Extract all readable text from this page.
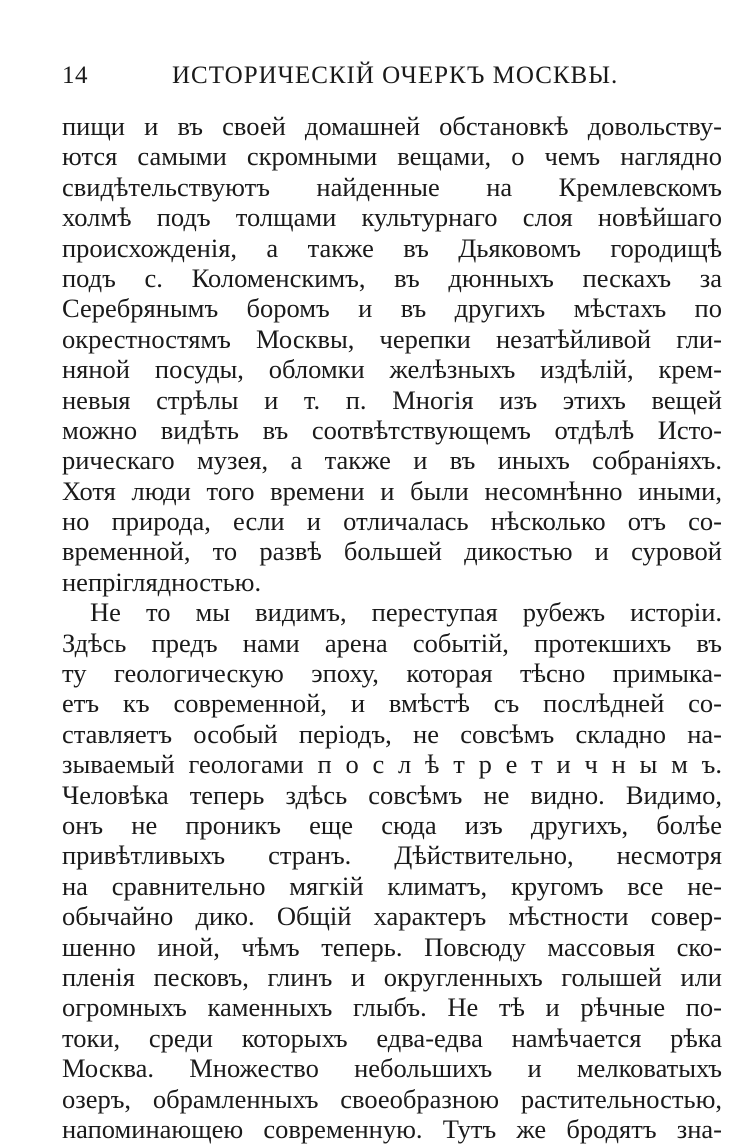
14	ИСТОРИЧЕСКІЙ ОЧЕРКЪ МОСКВЫ.
пищи и въ своей домашней обстановкѣ довольству-
ются самыми скромными вещами, о чемъ наглядно
свидѣтельствуютъ найденные на Кремлевскомъ
холмѣ подъ толщами культурнаго слоя новѣйшаго
происхожденія, а также въ Дьяковомъ городищѣ
подъ с. Коломенскимъ, въ дюнныхъ пескахъ за
Серебрянымъ боромъ и въ другихъ мѣстахъ по
окрестностямъ Москвы, черепки незатѣйливой гли-
няной посуды, обломки желѣзныхъ издѣлій, крем-
невыя стрѣлы и т. п. Многія изъ этихъ вещей
можно видѣть въ соотвѣтствующемъ отдѣлѣ Исто-
рическаго музея, а также и въ иныхъ собраніяхъ.
Хотя люди того времени и были несомнѣнно иными,
но природа, если и отличалась нѣсколько отъ со-
временной, то развѣ большей дикостью и суровой
непріглядностью.
Не то мы видимъ, переступая рубежъ исторіи.
Здѣсь предъ нами арена событій, протекшихъ въ
ту геологическую эпоху, которая тѣсно примыка-
етъ къ современной, и вмѣстѣ съ послѣдней со-
ставляетъ особый періодъ, не совсѣмъ складно на-
зываемый геологами п о с л ѣ т р е т и ч н ы м ъ.
Человѣка теперь здѣсь совсѣмъ не видно. Видимо,
онъ не проникъ еще сюда изъ другихъ, болѣе
привѣтливыхъ странъ. Дѣйствительно, несмотря
на сравнительно мягкій климатъ, кругомъ все не-
обычайно дико. Общій характеръ мѣстности совер-
шенно иной, чѣмъ теперь. Повсюду массовыя ско-
пленія песковъ, глинъ и округленныхъ голышей или
огромныхъ каменныхъ глыбъ. Не тѣ и рѣчные по-
токи, среди которыхъ едва-едва намѣчается рѣка
Москва. Множество небольшихъ и мелковатыхъ
озеръ, обрамленныхъ своеобразною растительностью,
напоминающею современную. Тутъ же бродятъ зна-
